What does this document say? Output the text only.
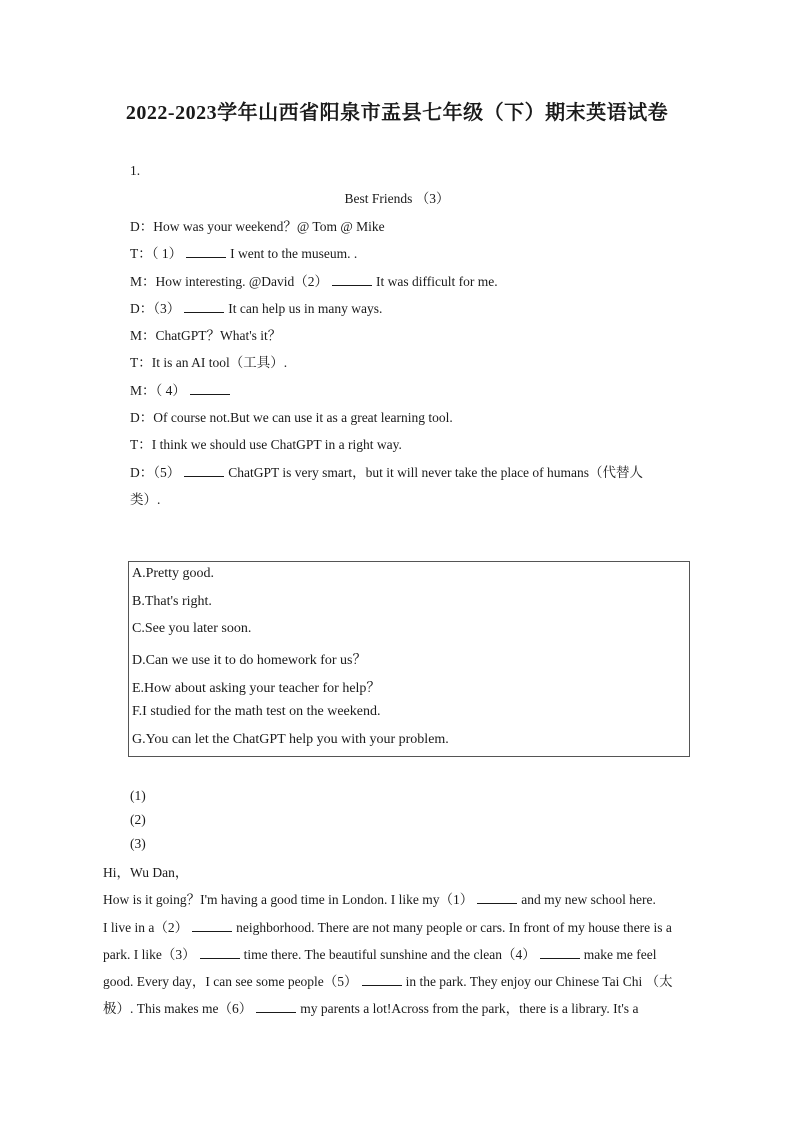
2022-2023学年山西省阳泉市盂县七年级（下）期末英语试卷
1.
Best Friends （3）
D：How was your weekend？@ Tom @ Mike
T：（ 1）	I went to the museum. .
M：How interesting. @David（2）	It was difficult for me.
D：（3）	It can help us in many ways.
M：ChatGPT？What's it？
T：It is an AI tool（工具）.
M：（ 4）
D：Of course not.But we can use it as a great learning tool.
T：I think we should use ChatGPT in a right way.
D：（5）	ChatGPT is very smart，but it will never take the place of humans（代替人
类）.
A.Pretty good.
B.That's right.
C.See you later soon.
D.Can we use it to do homework for us？
E.How about asking your teacher for help？
F.I studied for the math test on the weekend.
G.You can let the ChatGPT help you with your problem.
(1)
(2)
(3)
Hi，Wu Dan，
How is it going？I'm having a good time in London. I like my（1）	and my new school here.
I live in a（2）	neighborhood. There are not many people or cars. In front of my house there is a
park. I like（3）	time there. The beautiful sunshine and the clean（4）	make me feel
good. Every day，I can see some people（5）	in the park. They enjoy our Chinese Tai Chi （太
极）. This makes me（6）	my parents a lot!Across from the park，there is a library. It's a
